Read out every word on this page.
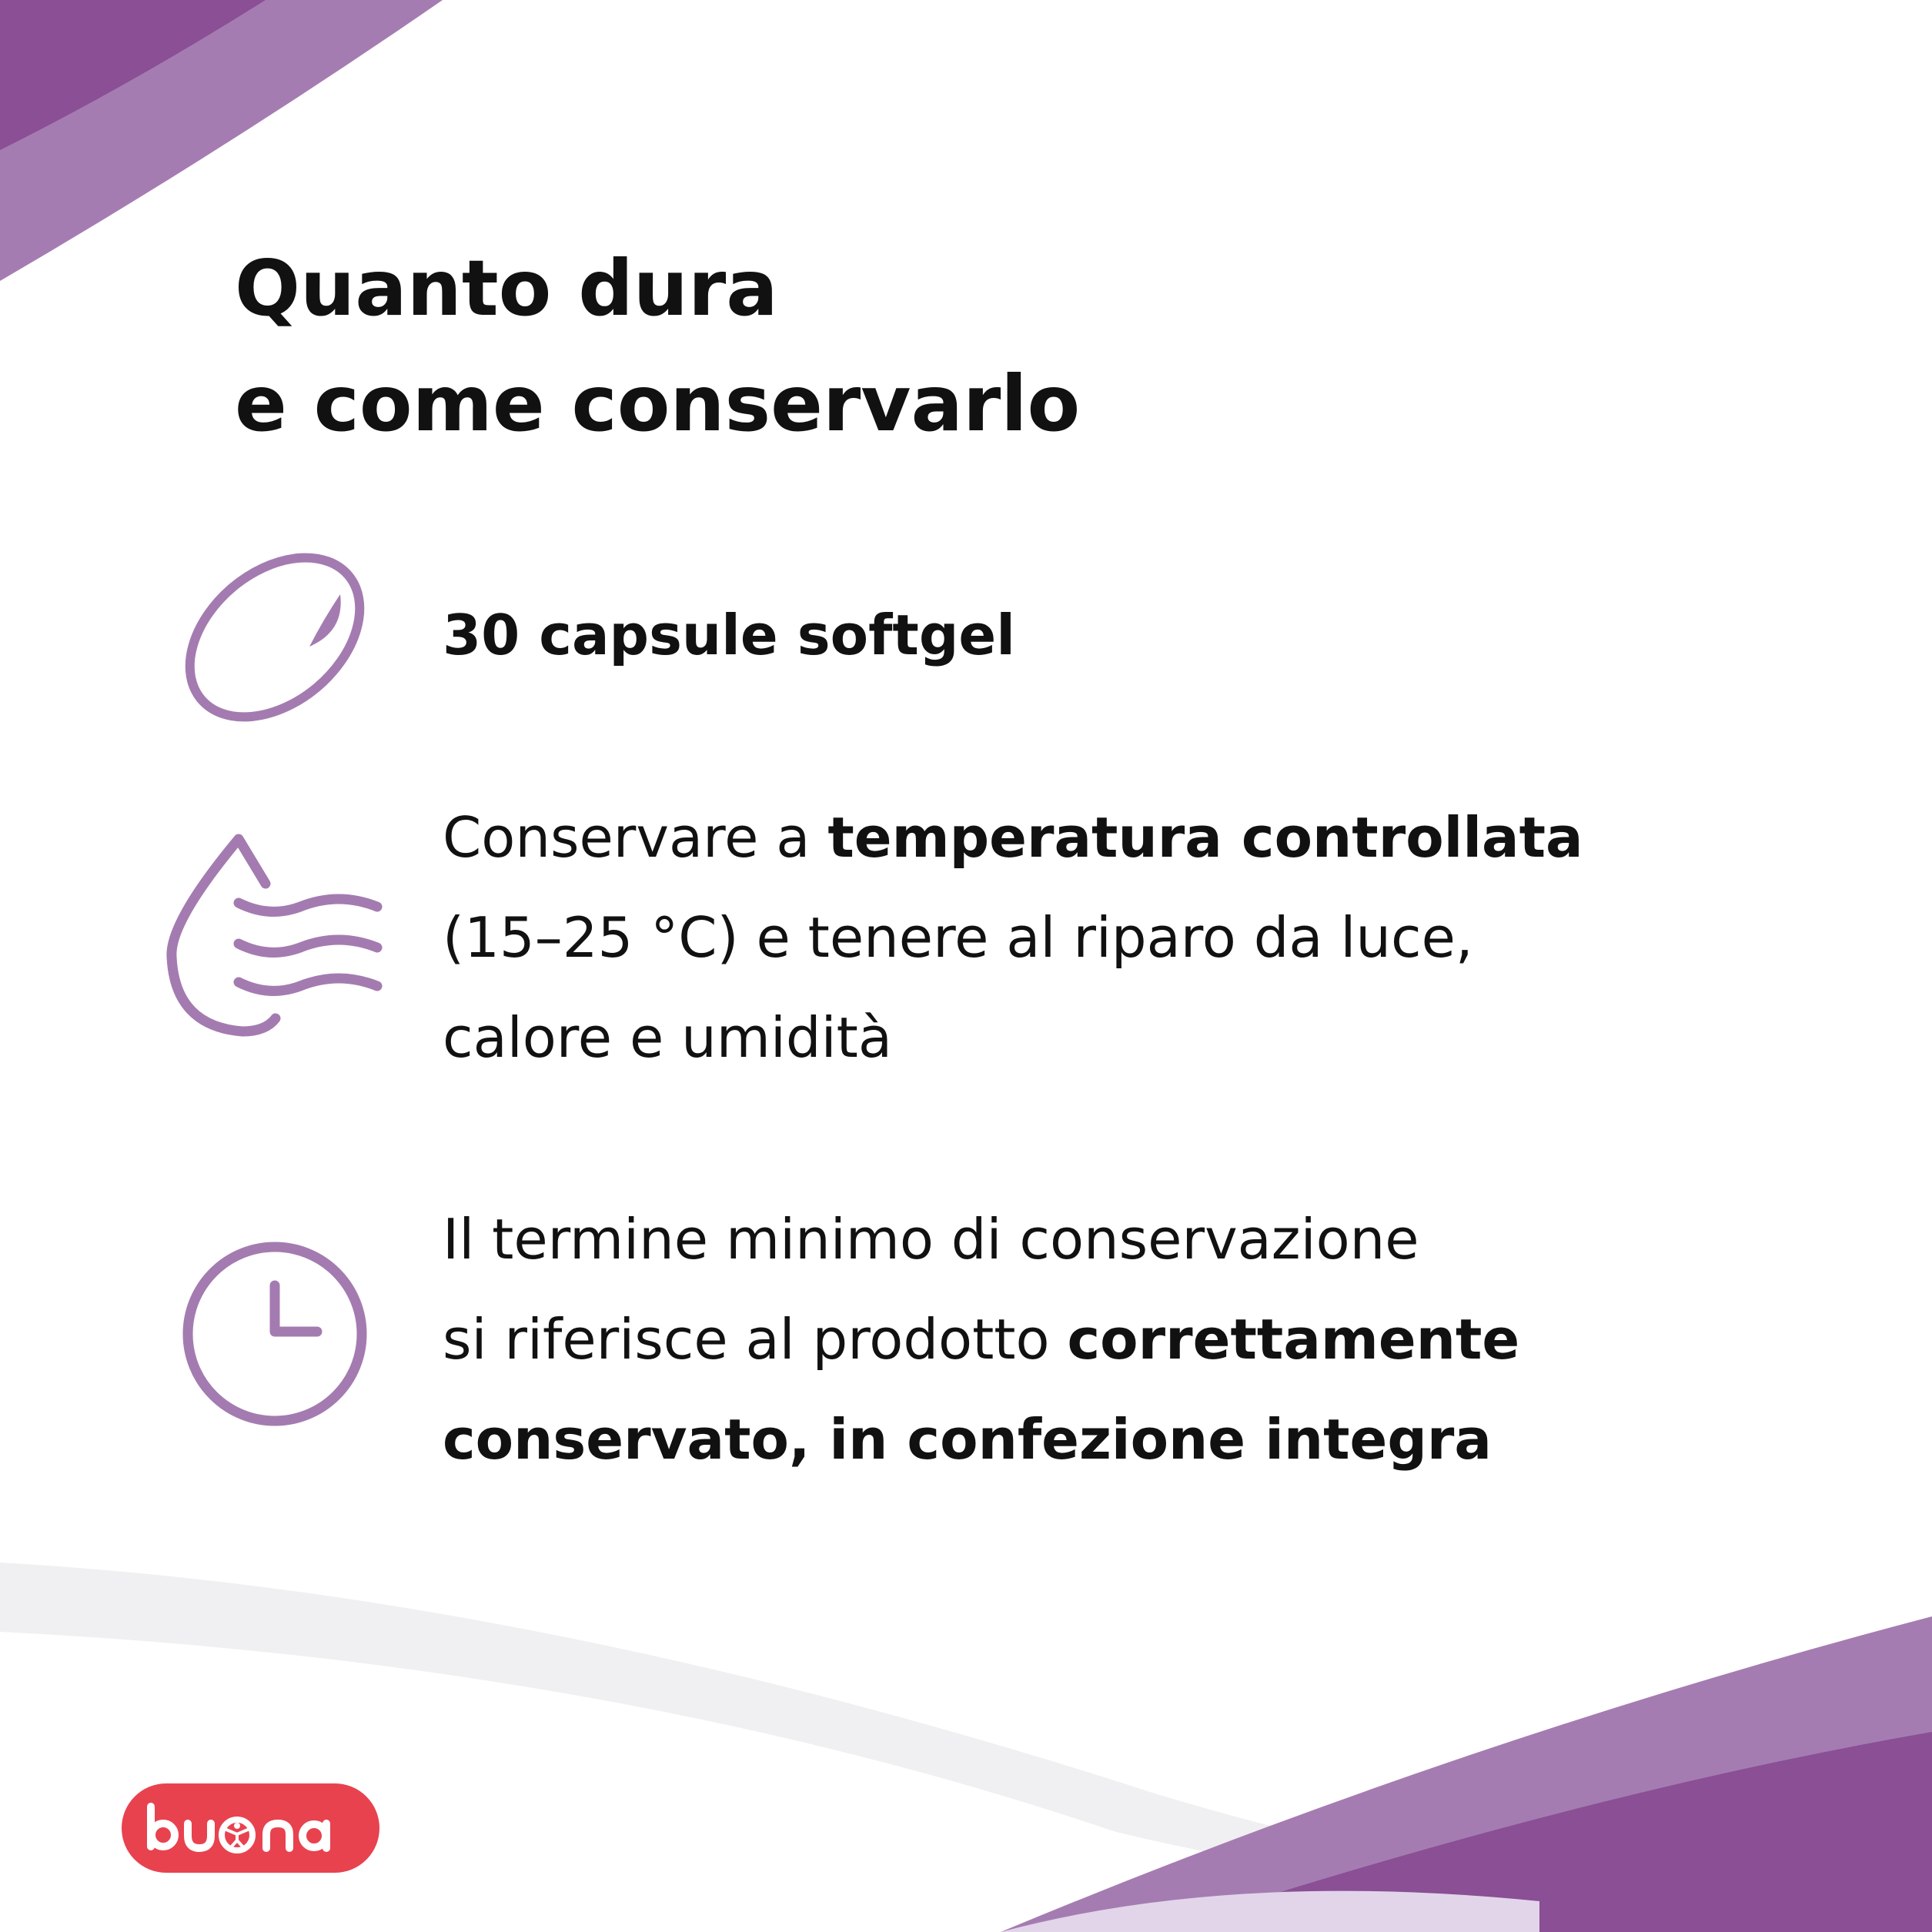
Quanto dura
e come conservarlo

30 capsule softgel

Conservare a temperatura controllata
(15–25 °C) e tenere al riparo da luce,
calore e umidità

Il termine minimo di conservazione
si riferisce al prodotto correttamente
conservato, in confezione integra
